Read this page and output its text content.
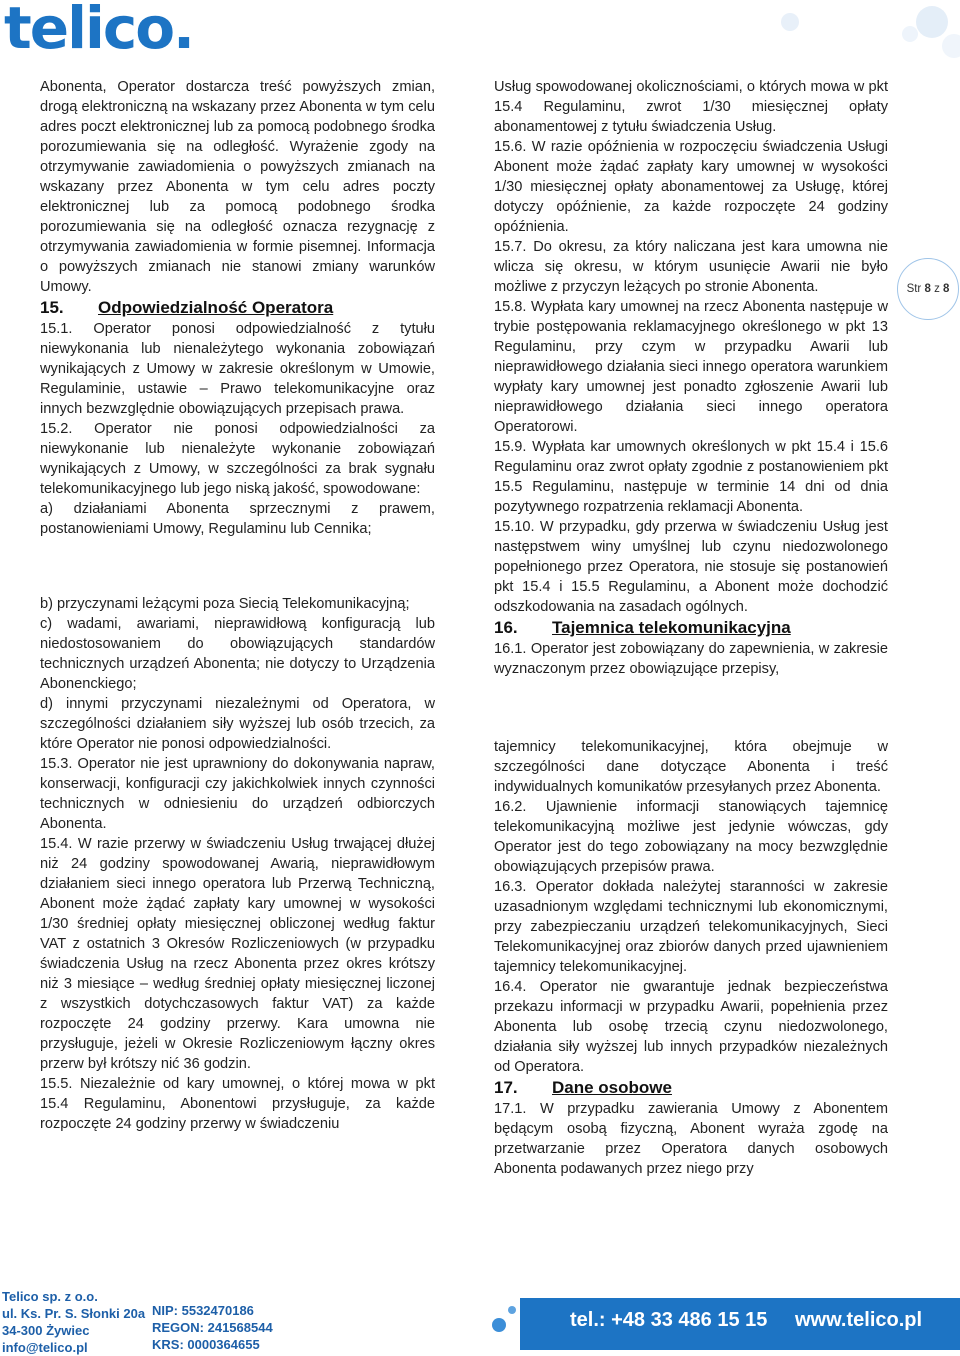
telico.

Abonenta, Operator dostarcza treść powyższych zmian, drogą elektroniczną na wskazany przez Abonenta w tym celu adres poczt elektronicznej lub za pomocą podobnego środka porozumiewania się na odległość. Wyrażenie zgody na otrzymywanie zawiadomienia o powyższych zmianach na wskazany przez Abonenta w tym celu adres poczty elektronicznej lub za pomocą podobnego środka porozumiewania się na odległość oznacza rezygnację z otrzymywania zawiadomienia w formie pisemnej. Informacja o powyższych zmianach nie stanowi zmiany warunków Umowy.

15. Odpowiedzialność Operatora

15.1. Operator ponosi odpowiedzialność z tytułu niewykonania lub nienależytego wykonania zobowiązań wynikających z Umowy w zakresie określonym w Umowie, Regulaminie, ustawie – Prawo telekomunikacyjne oraz innych bezwzględnie obowiązujących przepisach prawa.

15.2. Operator nie ponosi odpowiedzialności za niewykonanie lub nienależyte wykonanie zobowiązań wynikających z Umowy, w szczególności za brak sygnału telekomunikacyjnego lub jego niską jakość, spowodowane:

a) działaniami Abonenta sprzecznymi z prawem, postanowieniami Umowy, Regulaminu lub Cennika;

b) przyczynami leżącymi poza Siecią Telekomunikacyjną;

c) wadami, awariami, nieprawidłową konfiguracją lub niedostosowaniem do obowiązujących standardów technicznych urządzeń Abonenta; nie dotyczy to Urządzenia Abonenckiego;

d) innymi przyczynami niezależnymi od Operatora, w szczególności działaniem siły wyższej lub osób trzecich, za które Operator nie ponosi odpowiedzialności.

15.3. Operator nie jest uprawniony do dokonywania napraw, konserwacji, konfiguracji czy jakichkolwiek innych czynności technicznych w odniesieniu do urządzeń odbiorczych Abonenta.

15.4. W razie przerwy w świadczeniu Usług trwającej dłużej niż 24 godziny spowodowanej Awarią, nieprawidłowym działaniem sieci innego operatora lub Przerwą Techniczną, Abonent może żądać zapłaty kary umownej w wysokości 1/30 średniej opłaty miesięcznej obliczonej według faktur VAT z ostatnich 3 Okresów Rozliczeniowych (w przypadku świadczenia Usług na rzecz Abonenta przez okres krótszy niż 3 miesiące – według średniej opłaty miesięcznej liczonej z wszystkich dotychczasowych faktur VAT) za każde rozpoczęte 24 godziny przerwy. Kara umowna nie przysługuje, jeżeli w Okresie Rozliczeniowym łączny okres przerw był krótszy nić 36 godzin.

15.5. Niezależnie od kary umownej, o której mowa w pkt 15.4 Regulaminu, Abonentowi przysługuje, za każde rozpoczęte 24 godziny przerwy w świadczeniu

Usług spowodowanej okolicznościami, o których mowa w pkt 15.4 Regulaminu, zwrot 1/30 miesięcznej opłaty abonamentowej z tytułu świadczenia Usług.

15.6. W razie opóźnienia w rozpoczęciu świadczenia Usługi Abonent może żądać zapłaty kary umownej w wysokości 1/30 miesięcznej opłaty abonamentowej za Usługę, której dotyczy opóźnienie, za każde rozpoczęte 24 godziny opóźnienia.

15.7. Do okresu, za który naliczana jest kara umowna nie wlicza się okresu, w którym usunięcie Awarii nie było możliwe z przyczyn leżących po stronie Abonenta.

15.8. Wypłata kary umownej na rzecz Abonenta następuje w trybie postępowania reklamacyjnego określonego w pkt 13 Regulaminu, przy czym w przypadku Awarii lub nieprawidłowego działania sieci innego operatora warunkiem wypłaty kary umownej jest ponadto zgłoszenie Awarii lub nieprawidłowego działania sieci innego operatora Operatorowi.

15.9. Wypłata kar umownych określonych w pkt 15.4 i 15.6 Regulaminu oraz zwrot opłaty zgodnie z postanowieniem pkt 15.5 Regulaminu, następuje w terminie 14 dni od dnia pozytywnego rozpatrzenia reklamacji Abonenta.

15.10. W przypadku, gdy przerwa w świadczeniu Usług jest następstwem winy umyślnej lub czynu niedozwolonego popełnionego przez Operatora, nie stosuje się postanowień pkt 15.4 i 15.5 Regulaminu, a Abonent może dochodzić odszkodowania na zasadach ogólnych.

16. Tajemnica telekomunikacyjna

16.1. Operator jest zobowiązany do zapewnienia, w zakresie wyznaczonym przez obowiązujące przepisy,

tajemnicy telekomunikacyjnej, która obejmuje w szczególności dane dotyczące Abonenta i treść indywidualnych komunikatów przesyłanych przez Abonenta.

16.2. Ujawnienie informacji stanowiących tajemnicę telekomunikacyjną możliwe jest jedynie wówczas, gdy Operator jest do tego zobowiązany na mocy bezwzględnie obowiązujących przepisów prawa.

16.3. Operator dokłada należytej staranności w zakresie uzasadnionym względami technicznymi lub ekonomicznymi, przy zabezpieczaniu urządzeń telekomunikacyjnych, Sieci Telekomunikacyjnej oraz zbiorów danych przed ujawnieniem tajemnicy telekomunikacyjnej.

16.4. Operator nie gwarantuje jednak bezpieczeństwa przekazu informacji w przypadku Awarii, popełnienia przez Abonenta lub osobę trzecią czynu niedozwolonego, działania siły wyższej lub innych przypadków niezależnych od Operatora.

17. Dane osobowe

17.1. W przypadku zawierania Umowy z Abonentem będącym osobą fizyczną, Abonent wyraża zgodę na przetwarzanie przez Operatora danych osobowych Abonenta podawanych przez niego przy

Str 8 z 8
Telico sp. z o.o.
ul. Ks. Pr. S. Słonki 20a
34-300 Żywiec
info@telico.pl
NIP: 5532470186
REGON: 241568544
KRS: 0000364655
tel.: +48 33 486 15 15 www.telico.pl
